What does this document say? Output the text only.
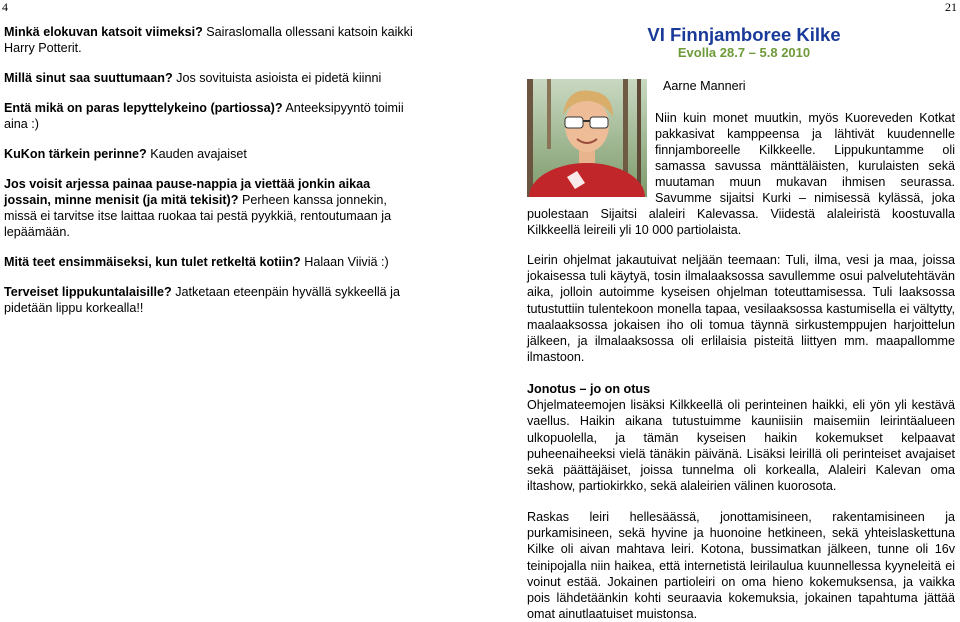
4	21

Minkä elokuvan katsoit viimeksi? Sairaslomalla ollessani katsoin kaikki Harry Potterit.

Millä sinut saa suuttumaan? Jos sovituista asioista ei pidetä kiinni

Entä mikä on paras lepyttelykeino (partiossa)? Anteeksipyyntö toimii aina :)

KuKon tärkein perinne? Kauden avajaiset

Jos voisit arjessa painaa pause-nappia ja viettää jonkin aikaa jossain, minne menisit (ja mitä tekisit)? Perheen kanssa jonnekin, missä ei tarvitse itse laittaa ruokaa tai pestä pyykkiä, rentoutumaan ja lepäämään.

Mitä teet ensimmäiseksi, kun tulet retkeltä kotiin? Halaan Viiviä :)

Terveiset lippukuntalaisille? Jatketaan eteenpäin hyvällä sykkeellä ja pidetään lippu korkealla!!

VI Finnjamboree Kilke
Evolla 28.7 – 5.8 2010
Aarne Manneri
Niin kuin monet muutkin, myös Kuoreveden Kotkat pakkasivat kamppeensa ja lähtivät kuudennelle finnjamboreelle Kilkkeelle. Lippukuntamme oli samassa savussa mänttäläisten, kurulaisten sekä muutaman muun mukavan ihmisen seurassa. Savumme sijaitsi Kurki – nimisessä kylässä, joka puolestaan Sijaitsi alaleiri Kalevassa. Viidestä alaleiristä koostuvalla Kilkkeellä leireili yli 10 000 partiolaista.
Leirin ohjelmat jakautuivat neljään teemaan: Tuli, ilma, vesi ja maa, joissa jokaisessa tuli käytyä, tosin ilmalaaksossa savullemme osui palvelutehtävän aika, jolloin autoimme kyseisen ohjelman toteuttamisessa. Tuli laaksossa tutustuttiin tulentekoon monella tapaa, vesilaaksossa kastumisella ei vältytty, maalaaksossa jokaisen iho oli tomua täynnä sirkustemppujen harjoittelun jälkeen, ja ilmalaaksossa oli erlilaisia pisteitä liittyen mm. maapallomme ilmastoon.
Jonotus – jo on otus
Ohjelmateemojen lisäksi Kilkkeellä oli perinteinen haikki, eli yön yli kestävä vaellus. Haikin aikana tutustuimme kauniisiin maisemiin leirintäalueen ulkopuolella, ja tämän kyseisen haikin kokemukset kelpaavat puheenaiheeksi vielä tänäkin päivänä. Lisäksi leirillä oli perinteiset avajaiset sekä päättäjäiset, joissa tunnelma oli korkealla, Alaleiri Kalevan oma iltashow, partiokirkko, sekä alaleirien välinen kuorosota.
Raskas leiri hellesäässä, jonottamisineen, rakentamisineen ja purkamisineen, sekä hyvine ja huonoine hetkineen, sekä yhteislaskettuna Kilke oli aivan mahtava leiri. Kotona, bussimatkan jälkeen, tunne oli 16v teinipojalla niin haikea, että internetistä leirilaulua kuunnellessa kyyneleitä ei voinut estää. Jokainen partioleiri on oma hieno kokemuksensa, ja vaikka pois lähdetäänkin kohti seuraavia kokemuksia, jokainen tapahtuma jättää omat ainutlaatuiset muistonsa.
